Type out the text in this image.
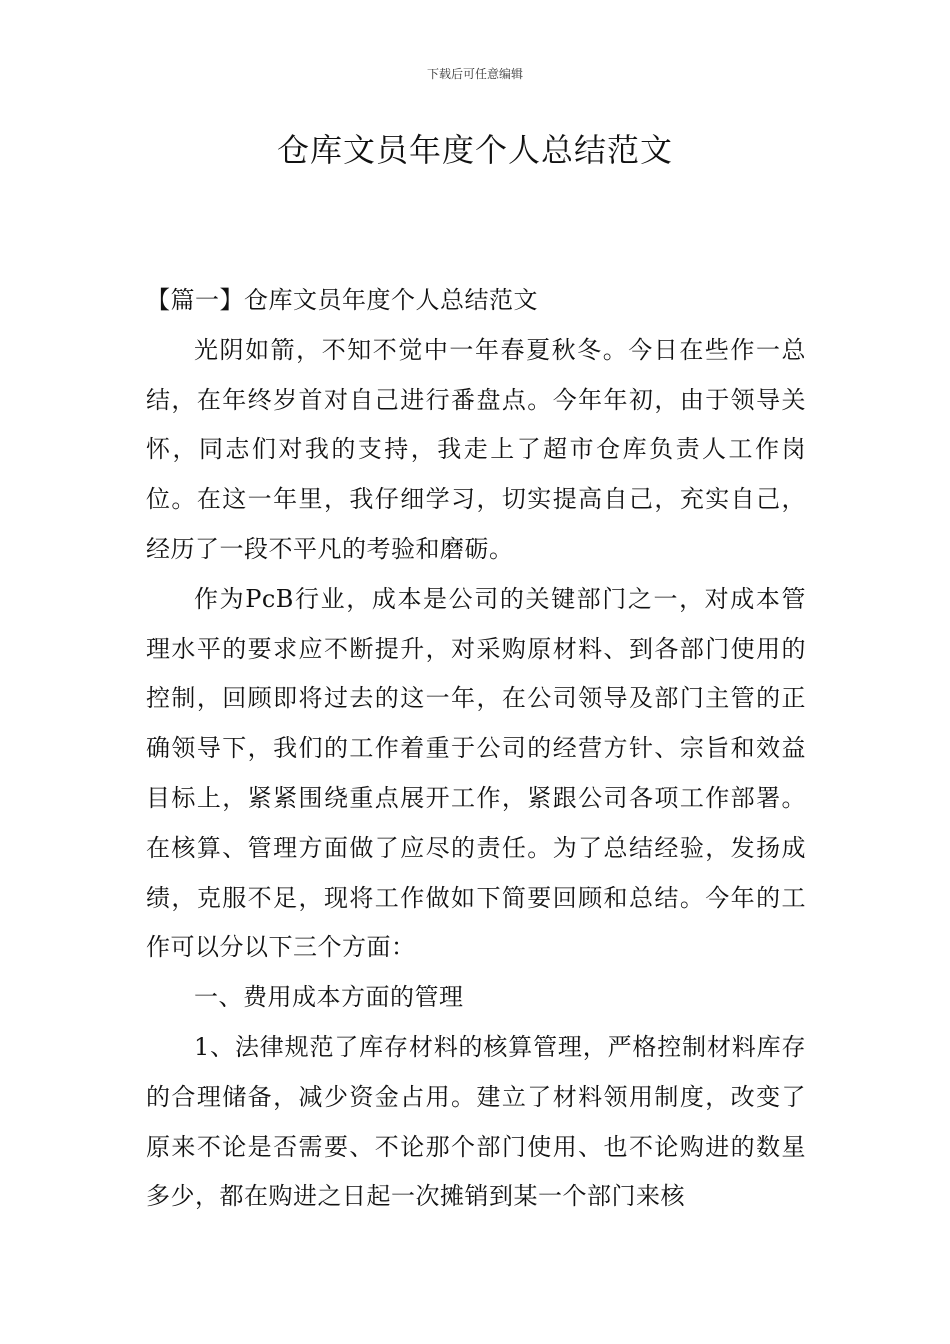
下载后可任意编辑
仓库文员年度个人总结范文

【篇一】仓库文员年度个人总结范文

光阴如箭，不知不觉中一年春夏秋冬。今日在些作一总结，在年终岁首对自己进行番盘点。今年年初，由于领导关怀，同志们对我的支持，我走上了超市仓库负责人工作岗位。在这一年里，我仔细学习，切实提高自己，充实自己，经历了一段不平凡的考验和磨砺。

作为PcB行业，成本是公司的关键部门之一，对成本管理水平的要求应不断提升，对采购原材料、到各部门使用的控制，回顾即将过去的这一年，在公司领导及部门主管的正确领导下，我们的工作着重于公司的经营方针、宗旨和效益目标上，紧紧围绕重点展开工作，紧跟公司各项工作部署。在核算、管理方面做了应尽的责任。为了总结经验，发扬成绩，克服不足，现将工作做如下简要回顾和总结。今年的工作可以分以下三个方面：

一、费用成本方面的管理

1、法律规范了库存材料的核算管理，严格控制材料库存的合理储备，减少资金占用。建立了材料领用制度，改变了原来不论是否需要、不论那个部门使用、也不论购进的数星多少，都在购进之日起一次摊销到某一个部门来核
